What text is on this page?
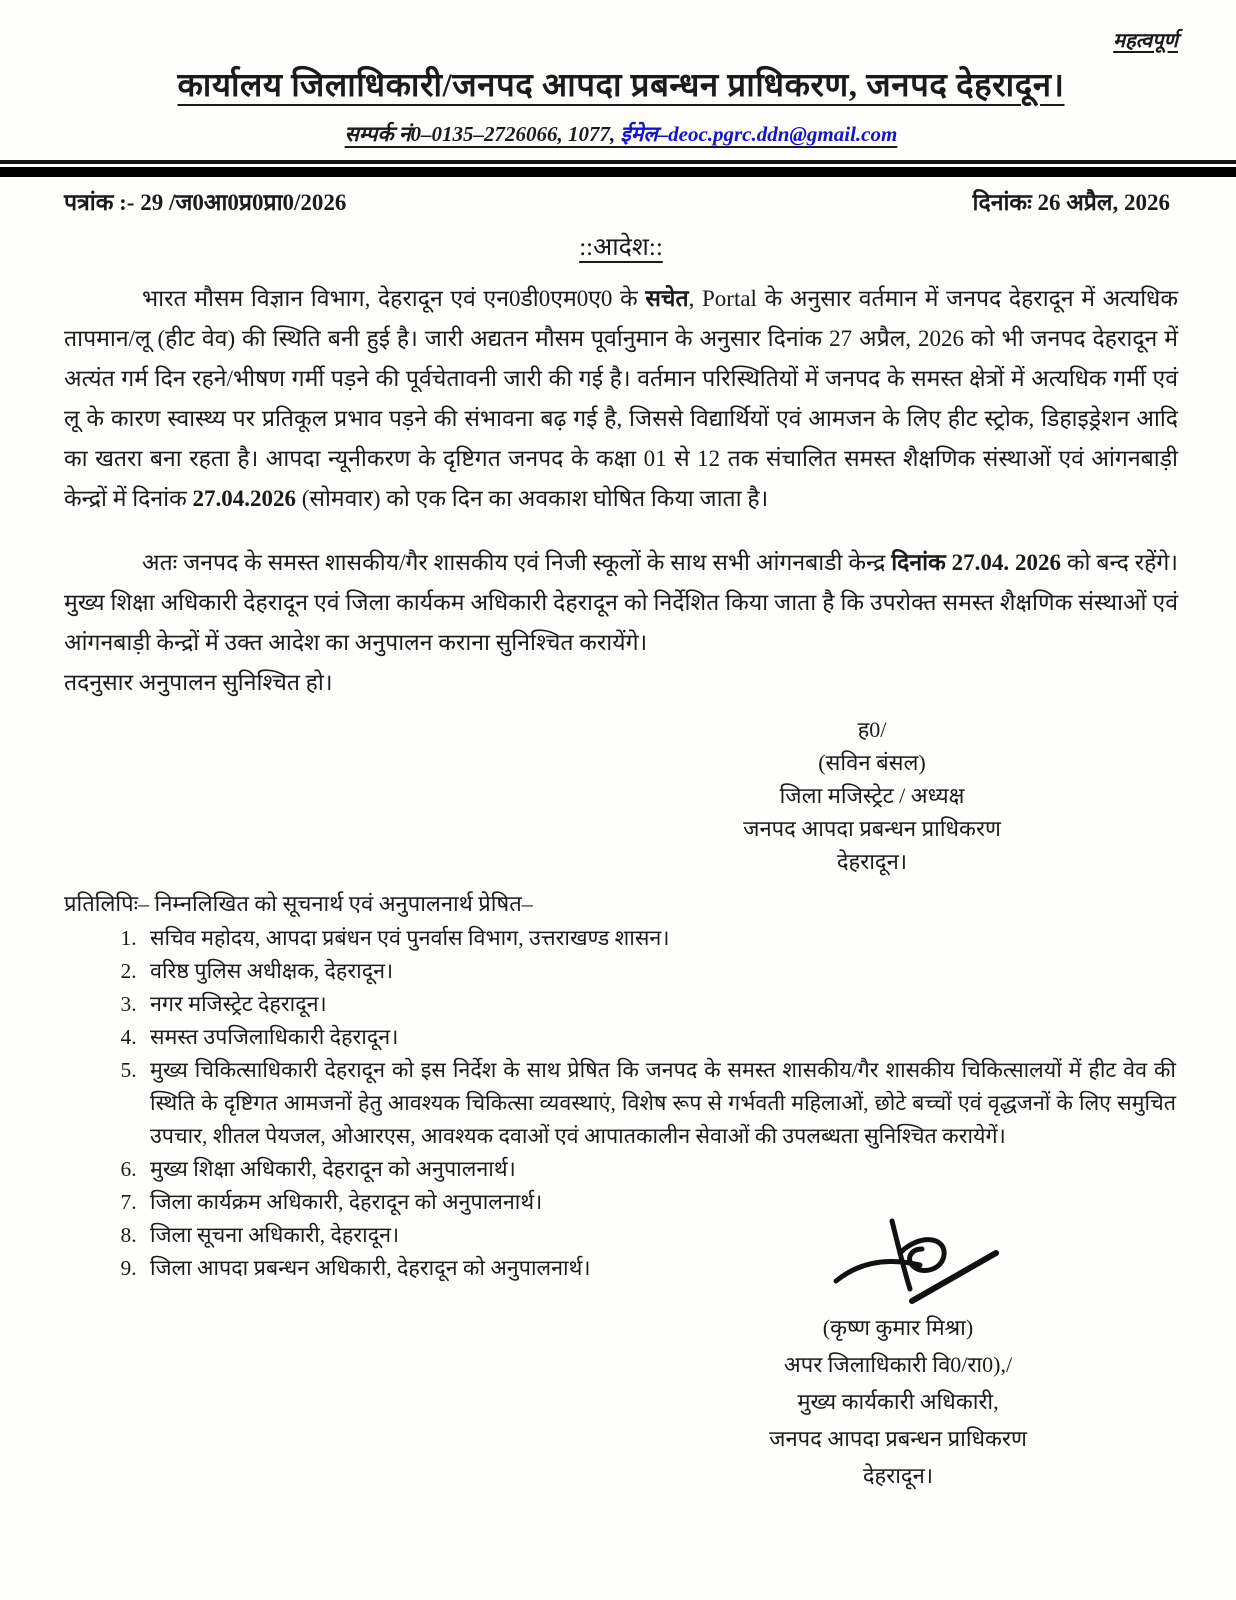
महत्वपूर्ण
कार्यालय जिलाधिकारी/जनपद आपदा प्रबन्धन प्राधिकरण, जनपद देहरादून।
सम्पर्क नं0–0135–2726066, 1077, ईमेल–deoc.pgrc.ddn@gmail.com
पत्रांक :- 29 /ज0आ0प्र0प्रा0/2026	दिनांकः 26 अप्रैल, 2026
::आदेश::

भारत मौसम विज्ञान विभाग, देहरादून एवं एन0डी0एम0ए0 के सचेत, Portal के अनुसार वर्तमान में जनपद देहरादून में अत्यधिक तापमान/लू (हीट वेव) की स्थिति बनी हुई है। जारी अद्यतन मौसम पूर्वानुमान के अनुसार दिनांक 27 अप्रैल, 2026 को भी जनपद देहरादून में अत्यंत गर्म दिन रहने/भीषण गर्मी पड़ने की पूर्वचेतावनी जारी की गई है। वर्तमान परिस्थितियों में जनपद के समस्त क्षेत्रों में अत्यधिक गर्मी एवं लू के कारण स्वास्थ्य पर प्रतिकूल प्रभाव पड़ने की संभावना बढ़ गई है, जिससे विद्यार्थियों एवं आमजन के लिए हीट स्ट्रोक, डिहाइड्रेशन आदि का खतरा बना रहता है। आपदा न्यूनीकरण के दृष्टिगत जनपद के कक्षा 01 से 12 तक संचालित समस्त शैक्षणिक संस्थाओं एवं आंगनबाड़ी केन्द्रों में दिनांक 27.04.2026 (सोमवार) को एक दिन का अवकाश घोषित किया जाता है।

अतः जनपद के समस्त शासकीय/गैर शासकीय एवं निजी स्कूलों के साथ सभी आंगनबाडी केन्द्र दिनांक 27.04. 2026 को बन्द रहेंगे। मुख्य शिक्षा अधिकारी देहरादून एवं जिला कार्यकम अधिकारी देहरादून को निर्देशित किया जाता है कि उपरोक्त समस्त शैक्षणिक संस्थाओं एवं आंगनबाड़ी केन्द्रों में उक्त आदेश का अनुपालन कराना सुनिश्चित करायेंगे।

तदनुसार अनुपालन सुनिश्चित हो।

ह0/
(सविन बंसल)
जिला मजिस्ट्रेट / अध्यक्ष
जनपद आपदा प्रबन्धन प्राधिकरण
देहरादून।
प्रतिलिपिः– निम्नलिखित को सूचनार्थ एवं अनुपालनार्थ प्रेषित–
1. सचिव महोदय, आपदा प्रबंधन एवं पुनर्वास विभाग, उत्तराखण्ड शासन।
2. वरिष्ठ पुलिस अधीक्षक, देहरादून।
3. नगर मजिस्ट्रेट देहरादून।
4. समस्त उपजिलाधिकारी देहरादून।
5. मुख्य चिकित्साधिकारी देहरादून को इस निर्देश के साथ प्रेषित कि जनपद के समस्त शासकीय/गैर शासकीय चिकित्सालयों में हीट वेव की स्थिति के दृष्टिगत आमजनों हेतु आवश्यक चिकित्सा व्यवस्थाएं, विशेष रूप से गर्भवती महिलाओं, छोटे बच्चों एवं वृद्धजनों के लिए समुचित उपचार, शीतल पेयजल, ओआरएस, आवश्यक दवाओं एवं आपातकालीन सेवाओं की उपलब्धता सुनिश्चित करायेगें।
6. मुख्य शिक्षा अधिकारी, देहरादून को अनुपालनार्थ।
7. जिला कार्यक्रम अधिकारी, देहरादून को अनुपालनार्थ।
8. जिला सूचना अधिकारी, देहरादून।
9. जिला आपदा प्रबन्धन अधिकारी, देहरादून को अनुपालनार्थ।
(कृष्ण कुमार मिश्रा)
अपर जिलाधिकारी वि0/रा0),/
मुख्य कार्यकारी अधिकारी,
जनपद आपदा प्रबन्धन प्राधिकरण
देहरादून।
